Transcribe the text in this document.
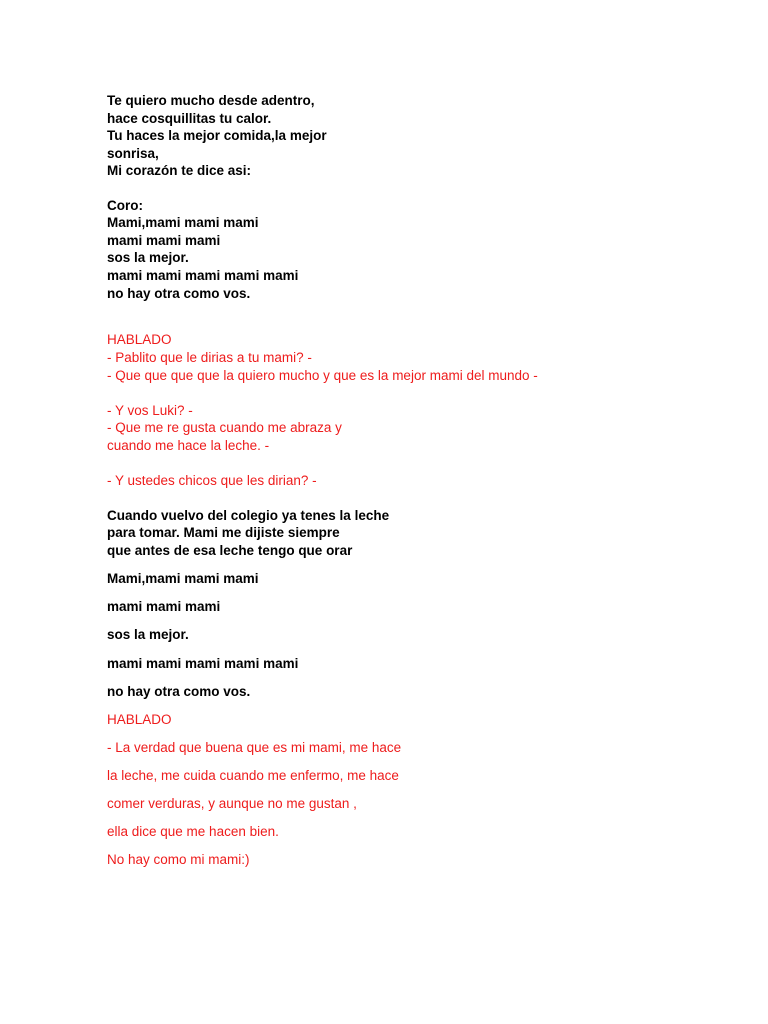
Te quiero mucho desde adentro,
hace cosquillitas tu calor.
Tu haces la mejor comida,la mejor
sonrisa,
Mi corazón te dice asi:
Coro:
Mami,mami mami mami
mami mami mami
sos la mejor.
mami mami mami mami mami
no hay otra como vos.
HABLADO
- Pablito que le dirias a tu mami? -
- Que que que que la quiero mucho y que es la mejor mami del mundo -
- Y vos Luki? -
- Que me re gusta cuando me abraza y
cuando me hace la leche. -
- Y ustedes chicos que les dirian? -
Cuando vuelvo del colegio ya tenes la leche
para tomar. Mami me dijiste siempre
que antes de esa leche tengo que orar
Mami,mami mami mami
mami mami mami
sos la mejor.
mami mami mami mami mami
no hay otra como vos.
HABLADO
- La verdad que buena que es mi mami, me hace
la leche, me cuida cuando me enfermo, me hace
comer verduras, y aunque no me gustan ,
ella dice que me hacen bien.
No hay como mi mami:)
